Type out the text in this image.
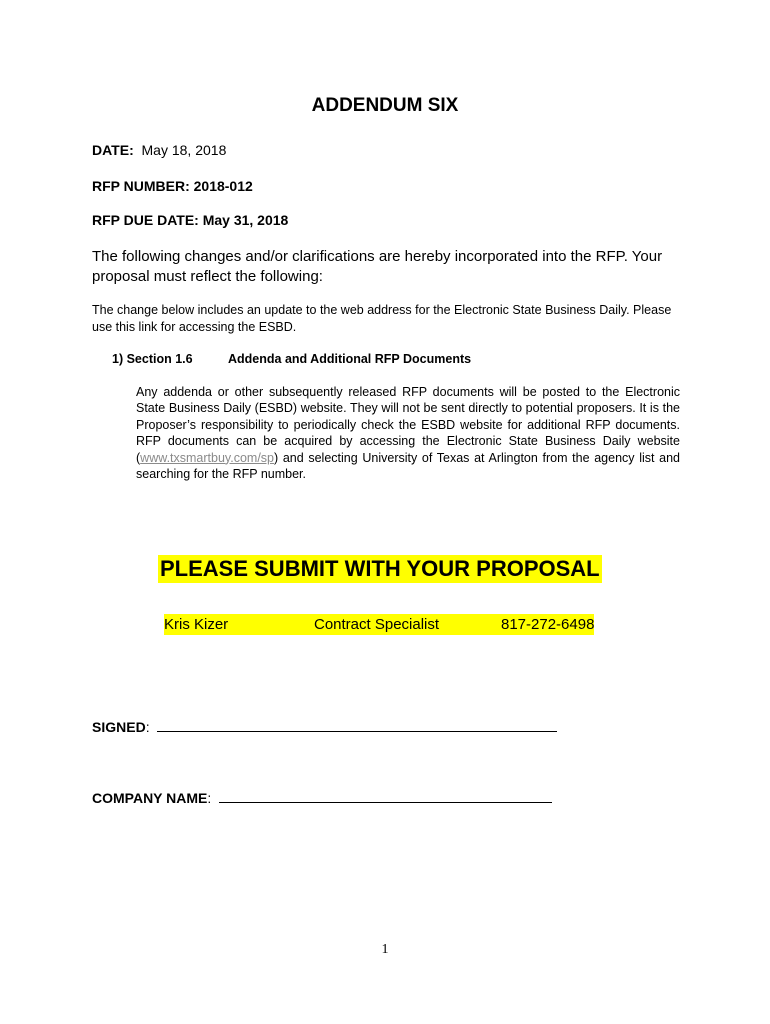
ADDENDUM SIX
DATE: May 18, 2018
RFP NUMBER: 2018-012
RFP DUE DATE: May 31, 2018
The following changes and/or clarifications are hereby incorporated into the RFP. Your proposal must reflect the following:
The change below includes an update to the web address for the Electronic State Business Daily. Please use this link for accessing the ESBD.
1) Section 1.6	Addenda and Additional RFP Documents
Any addenda or other subsequently released RFP documents will be posted to the Electronic State Business Daily (ESBD) website. They will not be sent directly to potential proposers. It is the Proposer’s responsibility to periodically check the ESBD website for additional RFP documents. RFP documents can be acquired by accessing the Electronic State Business Daily website (www.txsmartbuy.com/sp) and selecting University of Texas at Arlington from the agency list and searching for the RFP number.
PLEASE SUBMIT WITH YOUR PROPOSAL
Kris Kizer	Contract Specialist	817-272-6498
SIGNED:
COMPANY NAME:
1
